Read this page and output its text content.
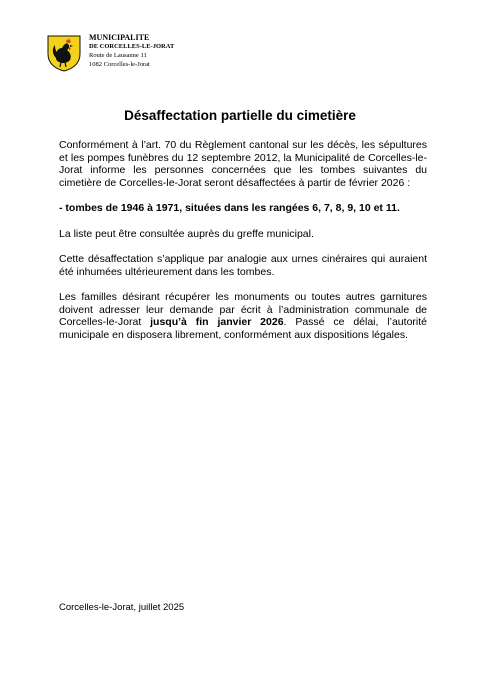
MUNICIPALITE
DE CORCELLES-LE-JORAT
Route de Lausanne 11
1082 Corcelles-le-Jorat
Désaffectation partielle du cimetière

Conformément à l’art. 70 du Règlement cantonal sur les décès, les sépultures et les pompes funèbres du 12 septembre 2012, la Municipalité de Corcelles-le-Jorat informe les personnes concernées que les tombes suivantes du cimetière de Corcelles-le-Jorat seront désaffectées à partir de février 2026 :

- tombes de 1946 à 1971, situées dans les rangées 6, 7, 8, 9, 10 et 11.

La liste peut être consultée auprès du greffe municipal.

Cette désaffectation s’applique par analogie aux urnes cinéraires qui auraient été inhumées ultérieurement dans les tombes.

Les familles désirant récupérer les monuments ou toutes autres garnitures doivent adresser leur demande par écrit à l’administration communale de Corcelles-le-Jorat jusqu’à fin janvier 2026. Passé ce délai, l’autorité municipale en disposera librement, conformément aux dispositions légales.

Corcelles-le-Jorat, juillet 2025
